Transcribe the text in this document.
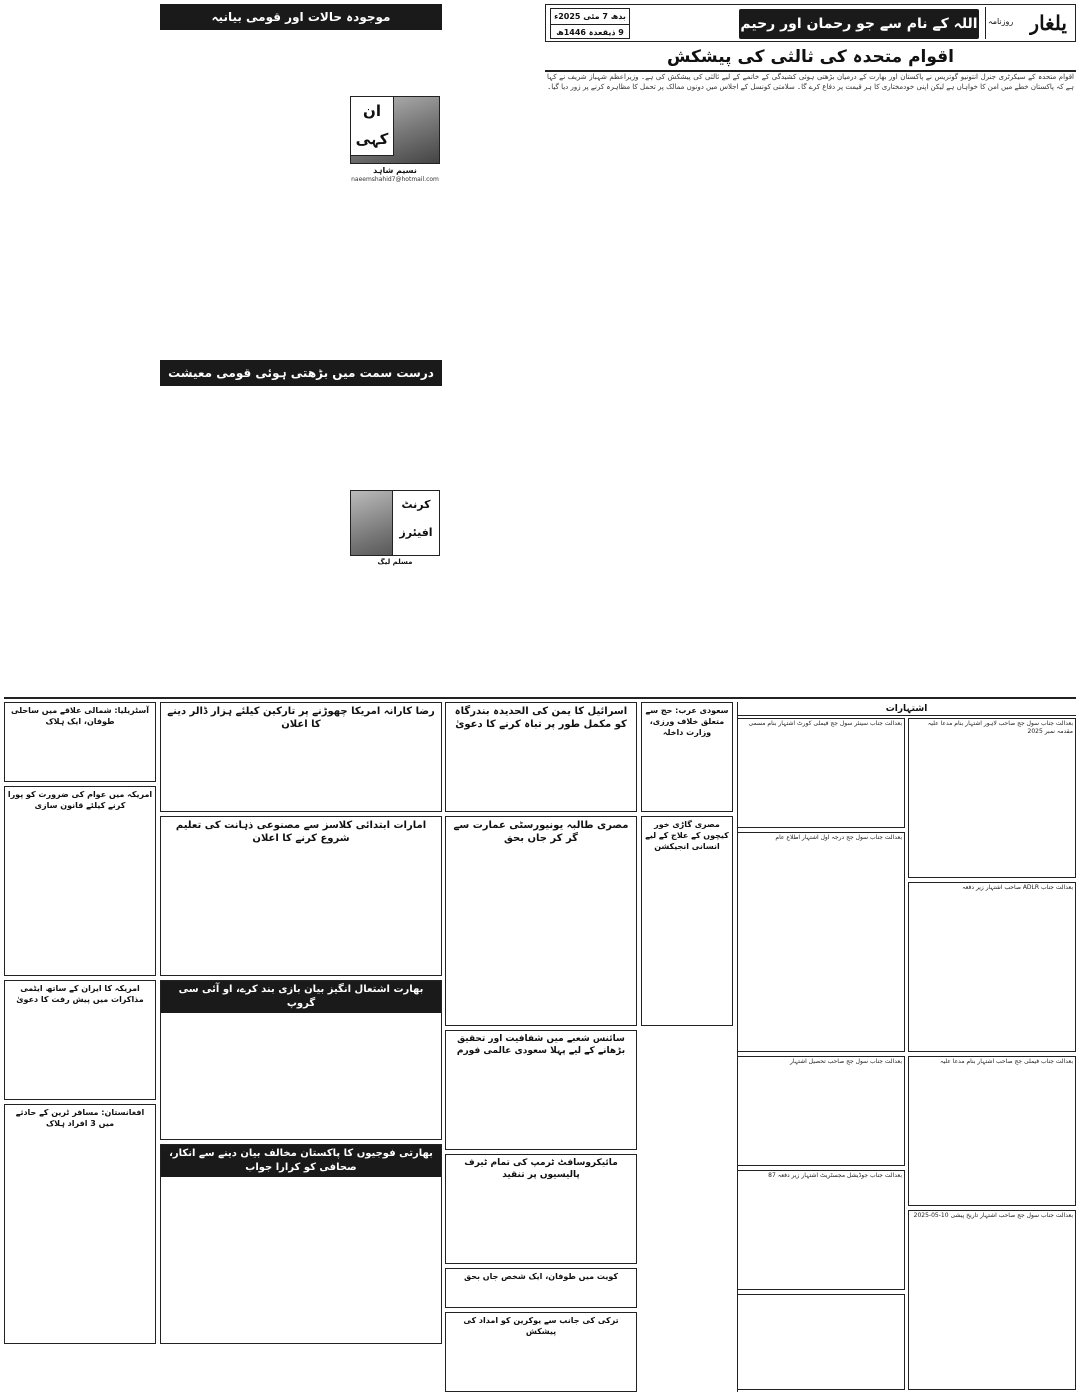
یلغار
روزنامہ
اللہ کے نام سے جو رحمان اور رحیم
بدھ 7 مئی 2025ء
9 ذیقعدہ 1446ھ
اقوام متحدہ کی ثالثی کی پیشکش
اقوام متحدہ کے سیکرٹری جنرل انتونیو گوتریس نے پاکستان اور بھارت کے درمیان بڑھتی ہوئی کشیدگی کے خاتمے کے لیے ثالثی کی پیشکش کی ہے۔ وزیراعظم شہباز شریف نے کہا ہے کہ پاکستان خطے میں امن کا خواہاں ہے لیکن اپنی خودمختاری کا ہر قیمت پر دفاع کرے گا۔ سلامتی کونسل کے اجلاس میں دونوں ممالک پر تحمل کا مظاہرہ کرنے پر زور دیا گیا۔
موجودہ حالات اور قومی بیانیہ
ان کہی
نسیم شاہد
naeemshahid7@hotmail.com
درست سمت میں بڑھتی ہوئی قومی معیشت
کرنٹ افیئرز
مسلم لیگ
اسرائیل کا یمن کی الحدیدہ بندرگاہ کو مکمل طور پر تباہ کرنے کا دعویٰ
رضا کارانہ امریکا چھوڑنے پر تارکین کیلئے ہزار ڈالر دینے کا اعلان
آسٹریلیا: شمالی علاقے میں ساحلی طوفان، ایک ہلاک
مصری طالبہ یونیورسٹی عمارت سے گر کر جاں بحق
امارات ابتدائی کلاسز سے مصنوعی ذہانت کی تعلیم شروع کرنے کا اعلان
امریکہ میں عوام کی ضرورت کو پورا کرنے کیلئے قانون سازی
سائنس شعبے میں شفافیت اور تحقیق بڑھانے کے لیے پہلا سعودی عالمی فورم
بھارت اشتعال انگیز بیان بازی بند کرے، او آئی سی گروپ
امریکہ کا ایران کے ساتھ ایٹمی مذاکرات میں پیش رفت کا دعویٰ
مائیکروسافٹ ٹرمپ کی تمام ٹیرف پالیسیوں پر تنقید
کویت میں طوفان، ایک شخص جاں بحق
بھارتی فوجیوں کا پاکستان مخالف بیان دینے سے انکار، صحافی کو کرارا جواب
افغانستان: مسافر ٹرین کے حادثے میں 3 افراد ہلاک
ترکی کی جانب سے یوکرین کو امداد کی پیشکش
سعودی عرب: حج سے متعلق خلاف ورزی، وزارت داخلہ
مصری گاڑی خور کیچوں کے علاج کے لیے انسانی انجیکشن
اشتہارات
بعدالت جناب سول جج صاحب لاہور اشتہار بنام مدعا علیہ مقدمہ نمبر 2025
بعدالت جناب سینئر سول جج فیملی کورٹ اشتہار بنام مسمی
بعدالت جناب ADLR صاحب اشتہار زیر دفعہ
بعدالت جناب سول جج درجہ اول اشتہار اطلاع عام
بعدالت جناب فیملی جج صاحب اشتہار بنام مدعا علیہ
بعدالت جناب سول جج صاحب تحصیل اشتہار
بعدالت جناب جوڈیشل مجسٹریٹ اشتہار زیر دفعہ 87
بعدالت جناب سول جج صاحب اشتہار تاریخ پیشی 10-05-2025
